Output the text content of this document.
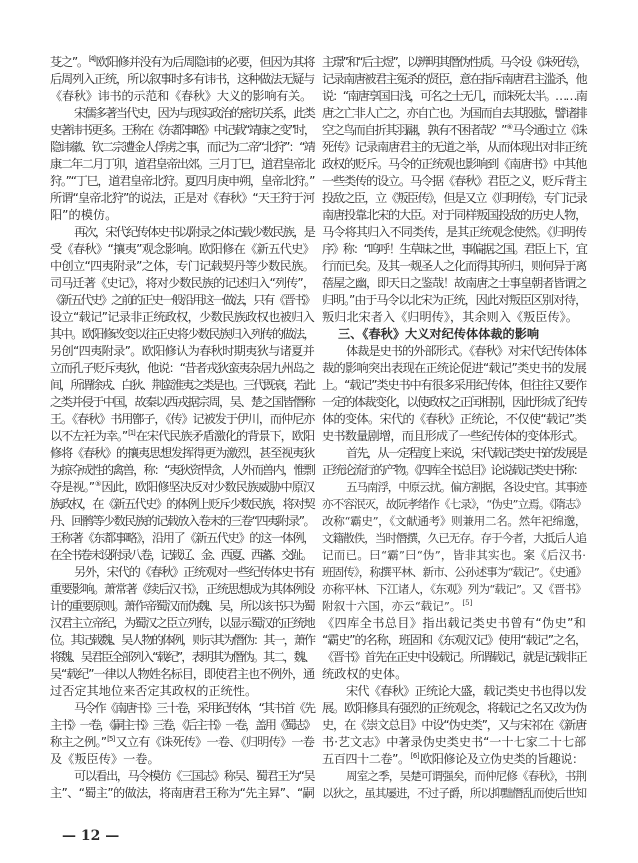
芟之”。[4]欧阳修并没有为后周隐讳的必要，但因为其将
后周列入正统，所以叙事时多有讳书，这种做法无疑与
《春秋》讳书的示范和《春秋》大义的影响有关。
宋儒多著当代史，因为与现实政治的密切关系，此类
史著讳书更多。王称在《东都事略》中记载“靖康之变”时，
隐讳徽、钦二宗遭金人俘虏之事，而记为二帝“北狩”：“靖
康二年二月丁卯，道君皇帝出郊。三月丁巳，道君皇帝北
狩。”“丁巳，道君皇帝北狩。夏四月庚申朔，皇帝北狩。”
所谓“皇帝北狩”的说法，正是对《春秋》“天王狩于河
阳”的模仿。
再次，宋代纪传体史书以附录之体记载少数民族，是
受《春秋》“攘夷”观念影响。欧阳修在《新五代史》
中创立“四夷附录”之体，专门记载契丹等少数民族。
司马迁著《史记》，将对少数民族的记述归入“列传”，
《新五代史》之前的正史一般沿用这一做法，只有《晋书》
设立“载记”记录非正统政权，少数民族政权也被归入
其中。欧阳修改变以往正史将少数民族归入列传的做法，
另创“四夷附录”。欧阳修认为春秋时期夷狄与诸夏并
立而孔子贬斥夷狄，他说：“昔者戎狄蛮夷杂居九州岛之
间，所谓徐戎、白狄、荆蛮淮夷之类是也。三代既衰，若此
之类并侵于中国，故秦以西戎据宗周，吴、楚之国皆僭称
王。《春秋》书用鄫子，《传》记被发于伊川，而仲尼亦
以不左衽为幸。”[1]在宋代民族矛盾激化的背景下，欧阳
修将《春秋》的攘夷思想发挥得更为激烈，甚至视夷狄
为掠夺成性的禽兽，称：“夷狄资悍贪，人外而兽内，惟剽
夺是视。”⑤因此，欧阳修坚决反对少数民族威胁中原汉
族政权，在《新五代史》的体例上贬斥少数民族，将对契
丹、回鹘等少数民族的记载放入卷末的三卷“四夷附录”。
王称著《东都事略》，沿用了《新五代史》的这一体例，
在全书卷末设附录八卷，记载辽、金、西夏、西蕃、交趾。
另外，宋代的《春秋》正统观对一些纪传体史书有
重要影响。萧常著《续后汉书》，正统思想成为其体例设
计的重要原则。萧作帝蜀汉而伪魏、吴，所以该书只为蜀
汉君主立帝纪，为蜀汉之臣立列传，以显示蜀汉的正统地
位。其记载魏、吴人物的体例，则示其为僭伪：其一，萧作
将魏、吴君臣全部列入“载纪”，表明其为僭伪。其二，魏、
吴“载纪”一律以人物姓名标目，即使君主也不例外，通
过否定其地位来否定其政权的正统性。
马令作《南唐书》三十卷，采用纪传体，“其书首《先
主书》一卷，《嗣主书》三卷，《后主书》一卷，盖用《蜀志》
称主之例。”[5]又立有《诛死传》一卷、《归明传》一卷
及《叛臣传》一卷。
可以看出，马令模仿《三国志》称吴、蜀君王为“吴
主”、“蜀主”的做法，将南唐君王称为“先主昪”、“嗣
主璟”和“后主煜”，以辨明其僭伪性质。马令设《诛死传》，
记录南唐被君主冤杀的贤臣，意在指斥南唐君主滥杀，他
说：“南唐享国日浅，可名之士无几，而诛死太半。……南
唐之亡非人亡之，亦自亡也。为国而自去其股肱，譬诸排
空之鸟而自折其羽翮，孰有不困者哉？”⑥马令通过立《诛
死传》记录南唐君主的无道之举，从而体现出对非正统
政权的贬斥。马令的正统观也影响到《南唐书》中其他
一些类传的设立。马令据《春秋》君臣之义，贬斥背主
投敌之臣，立《叛臣传》，但是又立《归明传》，专门记录
南唐投靠北宋的大臣。对于同样叛国投敌的历史人物，
马令将其归入不同类传，是其正统观念使然。《归明传
序》称：“呜呼！生草昧之世，事偏据之国。君臣上下，宜
行而已矣。及其一觌圣人之化而得其所归，则何异于离
蓓屋之幽，即天日之鉴哉！故南唐之士事皇朝者皆谓之
归明。”由于马令以北宋为正统，因此对叛臣区别对待，
叛归北宋者入《归明传》，其余则入《叛臣传》。
三、《春秋》大义对纪传体体裁的影响
体裁是史书的外部形式。《春秋》对宋代纪传体体
裁的影响突出表现在正统论促进“载记”类史书的发展
上。“载记”类史书中有很多采用纪传体，但往往又要作
一定的体裁变化，以使政权之正闰相别，因此形成了纪传
体的变体。宋代的《春秋》正统论，不仅使“载记”类
史书数量剧增，而且形成了一些纪传体的变体形式。
首先，从一定程度上来说，宋代载记类史书的发展是
正统论流行的产物。《四库全书总目》论说载记类史书称：
五马南浮，中原云扰。偏方割据，各设史官。其事迹
亦不容泯灭，故阮孝绪作《七录》，“伪史”立焉。《隋志》
改称“霸史”，《文献通考》则兼用二名。然年祀绵邈，
文籍散佚，当时僭撰，久已无存。存于今者，大抵后人追
记而已。曰“霸”曰“伪”，皆非其实也。案《后汉书·
班固传》，称撰平林、新市、公孙述事为“载记”。《史通》
亦称平林、下江诸人，《东观》列为“载记”。又《晋书》
附叙十六国，亦云“载记”。[5]
《四库全书总目》指出载记类史书曾有“伪史”和
“霸史”的名称，班固和《东观汉记》使用“载记”之名，
《晋书》首先在正史中设载记。所谓载记，就是记载非正
统政权的史体。
宋代《春秋》正统论大盛，载记类史书也得以发
展。欧阳修具有强烈的正统观念，将载记之名又改为伪
史，在《崇文总目》中设“伪史类”，又与宋祁在《新唐
书·艺文志》中著录伪史类史书“一十七家二十七部
五百四十二卷”。[6]欧阳修论及立伪史类的旨趣说：
周室之季，吴楚可谓强矣，而仲尼修《春秋》，书荆
以狄之，虽其屡进，不过子爵，所以抑黜僭乱而使后世知
— 12 —
